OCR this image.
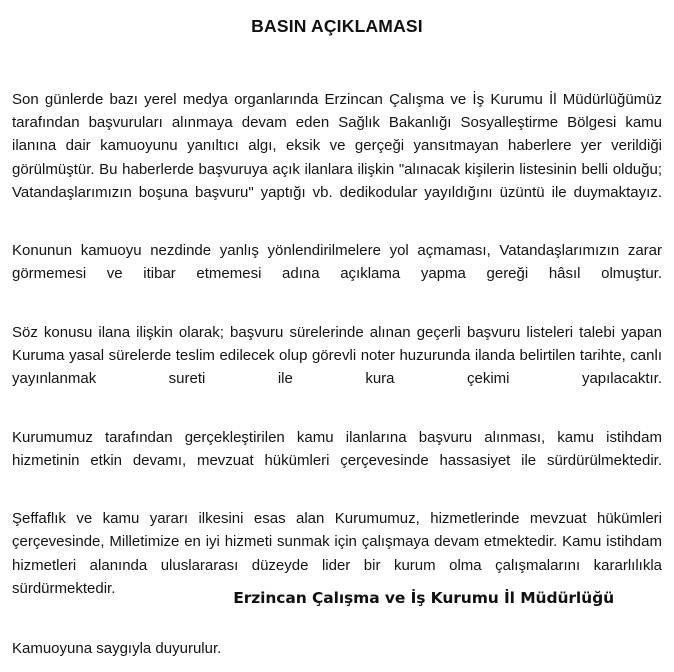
BASIN AÇIKLAMASI

Son günlerde bazı yerel medya organlarında Erzincan Çalışma ve İş Kurumu İl Müdürlüğümüz tarafından başvuruları alınmaya devam eden Sağlık Bakanlığı Sosyalleştirme Bölgesi kamu ilanına dair kamuoyunu yanıltıcı algı, eksik ve gerçeği yansıtmayan haberlere yer verildiği görülmüştür. Bu haberlerde başvuruya açık ilanlara ilişkin "alınacak kişilerin listesinin belli olduğu; Vatandaşlarımızın boşuna başvuru" yaptığı vb. dedikodular yayıldığını üzüntü ile duymaktayız.

Konunun kamuoyu nezdinde yanlış yönlendirilmelere yol açmaması, Vatandaşlarımızın zarar görmemesi ve itibar etmemesi adına açıklama yapma gereği hâsıl olmuştur.

Söz konusu ilana ilişkin olarak; başvuru sürelerinde alınan geçerli başvuru listeleri talebi yapan Kuruma yasal sürelerde teslim edilecek olup görevli noter huzurunda ilanda belirtilen tarihte, canlı yayınlanmak sureti ile kura çekimi yapılacaktır.

Kurumumuz tarafından gerçekleştirilen kamu ilanlarına başvuru alınması, kamu istihdam hizmetinin etkin devamı, mevzuat hükümleri çerçevesinde hassasiyet ile sürdürülmektedir.

Şeffaflık ve kamu yararı ilkesini esas alan Kurumumuz, hizmetlerinde mevzuat hükümleri çerçevesinde, Milletimize en iyi hizmeti sunmak için çalışmaya devam etmektedir. Kamu istihdam hizmetleri alanında uluslararası düzeyde lider bir kurum olma çalışmalarını kararlılıkla sürdürmektedir.

Kamuoyuna saygıyla duyurulur.

Erzincan Çalışma ve İş Kurumu İl Müdürlüğü
